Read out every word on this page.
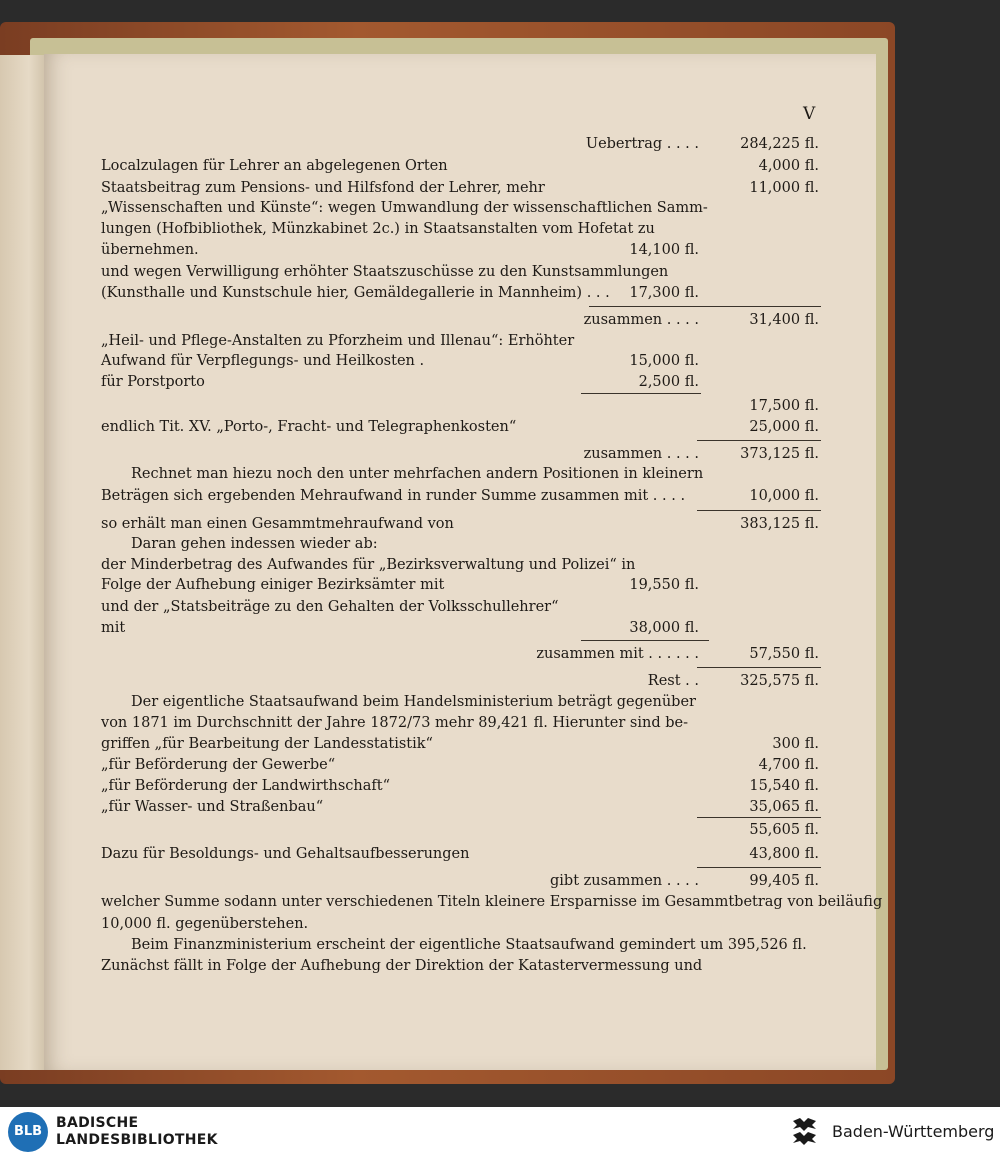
V
Uebertrag . . . .	284,225 fl.
Localzulagen für Lehrer an abgelegenen Orten	4,000 fl.
Staatsbeitrag zum Pensions- und Hilfsfond der Lehrer, mehr	11,000 fl.
„Wissenschaften und Künste“: wegen Umwandlung der wissenschaftlichen Samm-
lungen (Hofbibliothek, Münzkabinet 2c.) in Staatsanstalten vom Hofetat zu
übernehmen.	14,100 fl.
und wegen Verwilligung erhöhter Staatszuschüsse zu den Kunstsammlungen
(Kunsthalle und Kunstschule hier, Gemäldegallerie in Mannheim) . . . 17,300 fl.
zusammen . . . .	31,400 fl.
„Heil- und Pflege-Anstalten zu Pforzheim und Illenau“: Erhöhter
Aufwand für Verpflegungs- und Heilkosten .	15,000 fl.
für Porstporto	2,500 fl.
17,500 fl.
endlich Tit. XV. „Porto-, Fracht- und Telegraphenkosten“	25,000 fl.
zusammen . . . .	373,125 fl.
Rechnet man hiezu noch den unter mehrfachen andern Positionen in kleinern
Beträgen sich ergebenden Mehraufwand in runder Summe zusammen mit . . . .	10,000 fl.
so erhält man einen Gesammtmehraufwand von	383,125 fl.
Daran gehen indessen wieder ab:
der Minderbetrag des Aufwandes für „Bezirksverwaltung und Polizei“ in
Folge der Aufhebung einiger Bezirksämter mit	19,550 fl.
und der „Statsbeiträge zu den Gehalten der Volksschullehrer“
mit	38,000 fl.
zusammen mit . . . . . .	57,550 fl.
Rest . .	325,575 fl.
Der eigentliche Staatsaufwand beim Handelsministerium beträgt gegenüber
von 1871 im Durchschnitt der Jahre 1872/73 mehr 89,421 fl. Hierunter sind be-
griffen „für Bearbeitung der Landesstatistik“	300 fl.
„für Beförderung der Gewerbe“	4,700 fl.
„für Beförderung der Landwirthschaft“	15,540 fl.
„für Wasser- und Straßenbau“	35,065 fl.
55,605 fl.
Dazu für Besoldungs- und Gehaltsaufbesserungen	43,800 fl.
gibt zusammen . . . .	99,405 fl.
welcher Summe sodann unter verschiedenen Titeln kleinere Ersparnisse im Gesammtbetrag von beiläufig
10,000 fl. gegenüberstehen.
Beim Finanzministerium erscheint der eigentliche Staatsaufwand gemindert um 395,526 fl.
Zunächst fällt in Folge der Aufhebung der Direktion der Katastervermessung und
BLB
BADISCHE
LANDESBIBLIOTHEK	Baden-Württemberg
